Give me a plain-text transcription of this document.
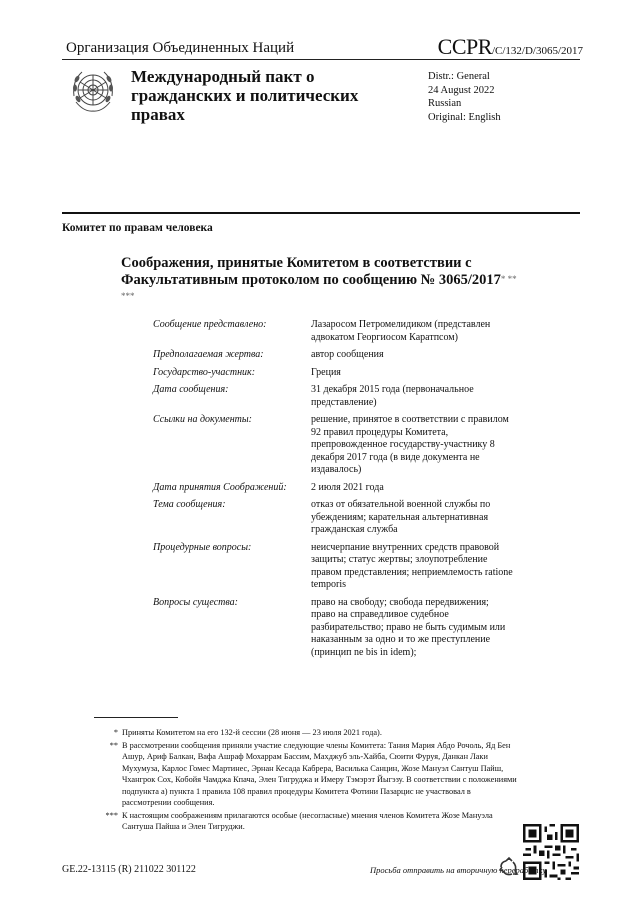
Организация Объединенных Наций	CCPR/C/132/D/3065/2017
Международный пакт о гражданских и политических правах
Distr.: General
24 August 2022
Russian
Original: English
Комитет по правам человека
Соображения, принятые Комитетом в соответствии с Факультативным протоколом по сообщению № 3065/2017* ** ***
Сообщение представлено:	Лазаросом Петромелидиком (представлен адвокатом Георгиосом Каратпсом)
Предполагаемая жертва:	автор сообщения
Государство-участник:	Греция
Дата сообщения:	31 декабря 2015 года (первоначальное представление)
Ссылки на документы:	решение, принятое в соответствии с правилом 92 правил процедуры Комитета, препровожденное государству-участнику 8 декабря 2017 года (в виде документа не издавалось)
Дата принятия Соображений:	2 июля 2021 года
Тема сообщения:	отказ от обязательной военной службы по убеждениям; карательная альтернативная гражданская служба
Процедурные вопросы:	неисчерпание внутренних средств правовой защиты; статус жертвы; злоупотребление правом представления; неприемлемость ratione temporis
Вопросы существа:	право на свободу; свобода передвижения; право на справедливое судебное разбирательство; право не быть судимым или наказанным за одно и то же преступление (принцип ne bis in idem);
* Приняты Комитетом на его 132-й сессии (28 июня — 23 июля 2021 года).
** В рассмотрении сообщения приняли участие следующие члены Комитета: Тания Мария Абдо Рочоль, Яд Бен Ашур, Ариф Балкан, Вафа Ашраф Мохаррам Бассим, Махджуб эль-Хайба, Сюити Фуруя, Данкан Лаки Мухумуза, Карлос Гомес Мартинес, Эрнан Кесада Кабрера, Василька Санцин, Жозе Мануэл Сантуш Пайш, Чхангрок Сох, Кобойя Чамджа Кпача, Элен Тигруджа и Имеру Тэмэрэт Йыгэзу. В соответствии с положениями подпункта a) пункта 1 правила 108 правил процедуры Комитета Фотини Пазарцис не участвовал в рассмотрении сообщения.
*** К настоящим соображениям прилагаются особые (несогласные) мнения членов Комитета Жозе Мануэла Сантуша Пайша и Элен Тигруджи.
GE.22-13115 (R) 211022 301122	Просьба отправить на вторичную переработку
